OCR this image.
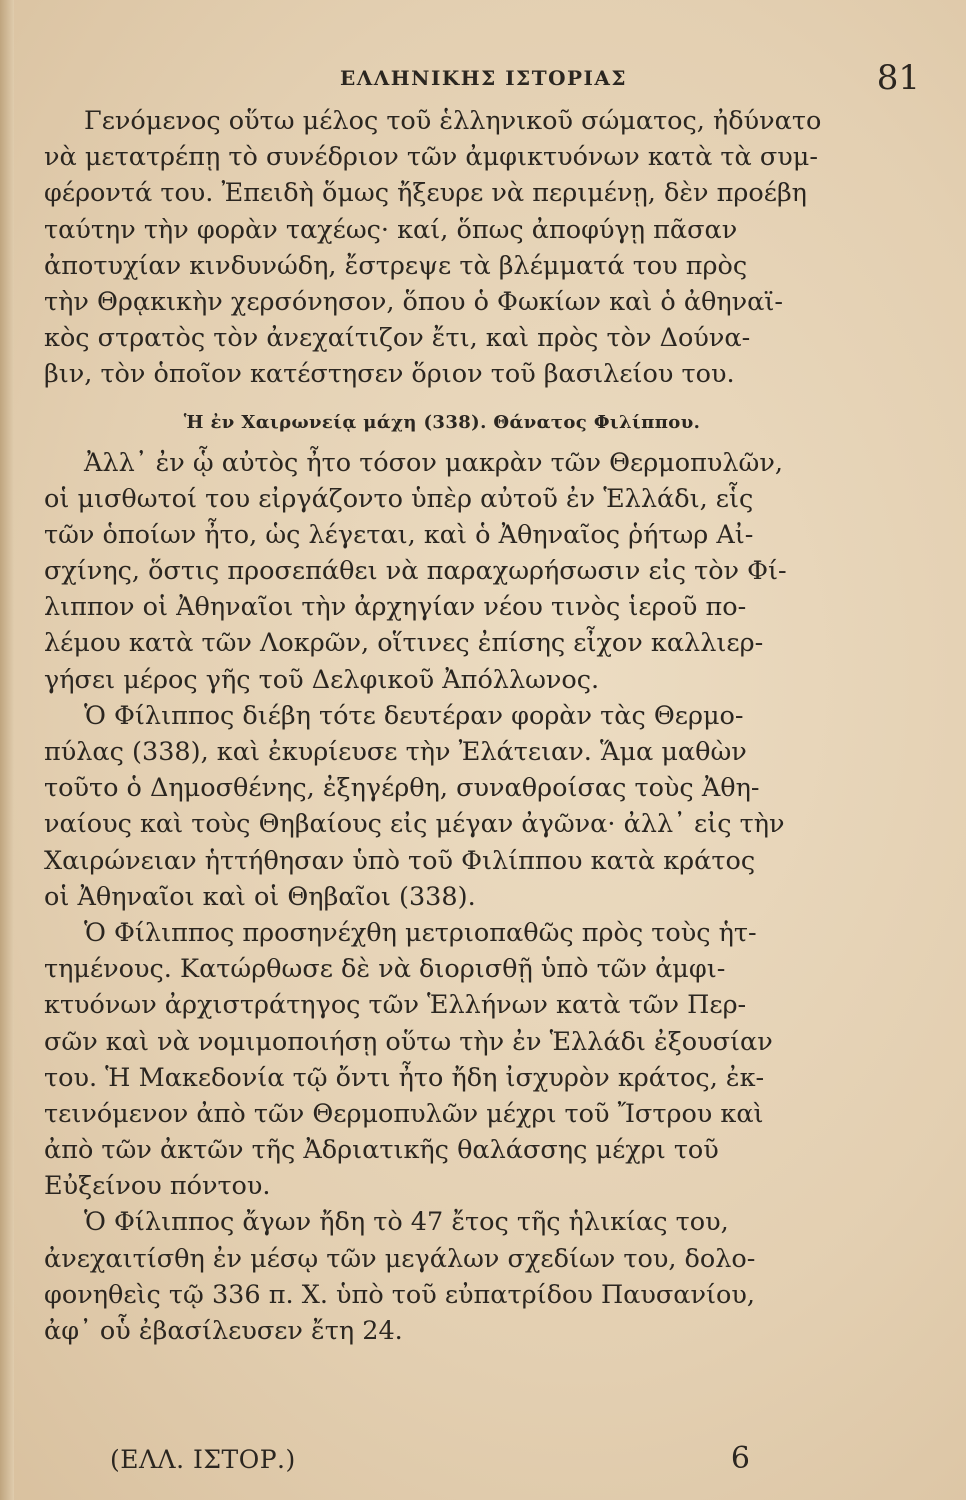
ΕΛΛΗΝΙΚΗΣ ΙΣΤΟΡΙΑΣ	81
Γενόμενος οὕτω μέλος τοῦ ἑλληνικοῦ σώματος, ἠδύνατο
νὰ μετατρέπῃ τὸ συνέδριον τῶν ἀμφικτυόνων κατὰ τὰ συμ-
φέροντά του. Ἐπειδὴ ὅμως ἤξευρε νὰ περιμένῃ, δὲν προέβη
ταύτην τὴν φορὰν ταχέως· καί, ὅπως ἀποφύγῃ πᾶσαν
ἀποτυχίαν κινδυνώδη, ἔστρεψε τὰ βλέμματά του πρὸς
τὴν Θρᾳκικὴν χερσόνησον, ὅπου ὁ Φωκίων καὶ ὁ ἀθηναϊ-
κὸς στρατὸς τὸν ἀνεχαίτιζον ἔτι, καὶ πρὸς τὸν Δούνα-
βιν, τὸν ὁποῖον κατέστησεν ὅριον τοῦ βασιλείου του.
Ἡ ἐν Χαιρωνείᾳ μάχη (338). Θάνατος Φιλίππου.
Ἀλλ᾽ ἐν ᾧ αὐτὸς ἦτο τόσον μακρὰν τῶν Θερμοπυλῶν,
οἱ μισθωτοί του εἰργάζοντο ὑπὲρ αὐτοῦ ἐν Ἑλλάδι, εἷς
τῶν ὁποίων ἦτο, ὡς λέγεται, καὶ ὁ Ἀθηναῖος ῥήτωρ Αἰ-
σχίνης, ὅστις προσεπάθει νὰ παραχωρήσωσιν εἰς τὸν Φί-
λιππον οἱ Ἀθηναῖοι τὴν ἀρχηγίαν νέου τινὸς ἱεροῦ πο-
λέμου κατὰ τῶν Λοκρῶν, οἵτινες ἐπίσης εἶχον καλλιερ-
γήσει μέρος γῆς τοῦ Δελφικοῦ Ἀπόλλωνος.
Ὁ Φίλιππος διέβη τότε δευτέραν φορὰν τὰς Θερμο-
πύλας (338), καὶ ἐκυρίευσε τὴν Ἐλάτειαν. Ἅμα μαθὼν
τοῦτο ὁ Δημοσθένης, ἐξηγέρθη, συναθροίσας τοὺς Ἀθη-
ναίους καὶ τοὺς Θηβαίους εἰς μέγαν ἀγῶνα· ἀλλ᾽ εἰς τὴν
Χαιρώνειαν ἡττήθησαν ὑπὸ τοῦ Φιλίππου κατὰ κράτος
οἱ Ἀθηναῖοι καὶ οἱ Θηβαῖοι (338).
Ὁ Φίλιππος προσηνέχθη μετριοπαθῶς πρὸς τοὺς ἡτ-
τημένους. Κατώρθωσε δὲ νὰ διορισθῇ ὑπὸ τῶν ἀμφι-
κτυόνων ἀρχιστράτηγος τῶν Ἑλλήνων κατὰ τῶν Περ-
σῶν καὶ νὰ νομιμοποιήσῃ οὕτω τὴν ἐν Ἑλλάδι ἐξουσίαν
του. Ἡ Μακεδονία τῷ ὄντι ἦτο ἤδη ἰσχυρὸν κράτος, ἐκ-
τεινόμενον ἀπὸ τῶν Θερμοπυλῶν μέχρι τοῦ Ἴστρου καὶ
ἀπὸ τῶν ἀκτῶν τῆς Ἀδριατικῆς θαλάσσης μέχρι τοῦ
Εὐξείνου πόντου.
Ὁ Φίλιππος ἄγων ἤδη τὸ 47 ἔτος τῆς ἡλικίας του,
ἀνεχαιτίσθη ἐν μέσῳ τῶν μεγάλων σχεδίων του, δολο-
φονηθεὶς τῷ 336 π. Χ. ὑπὸ τοῦ εὐπατρίδου Παυσανίου,
ἀφ᾽ οὗ ἐβασίλευσεν ἔτη 24.
(ΕΛΛ. ΙΣΤΟΡ.)	6
